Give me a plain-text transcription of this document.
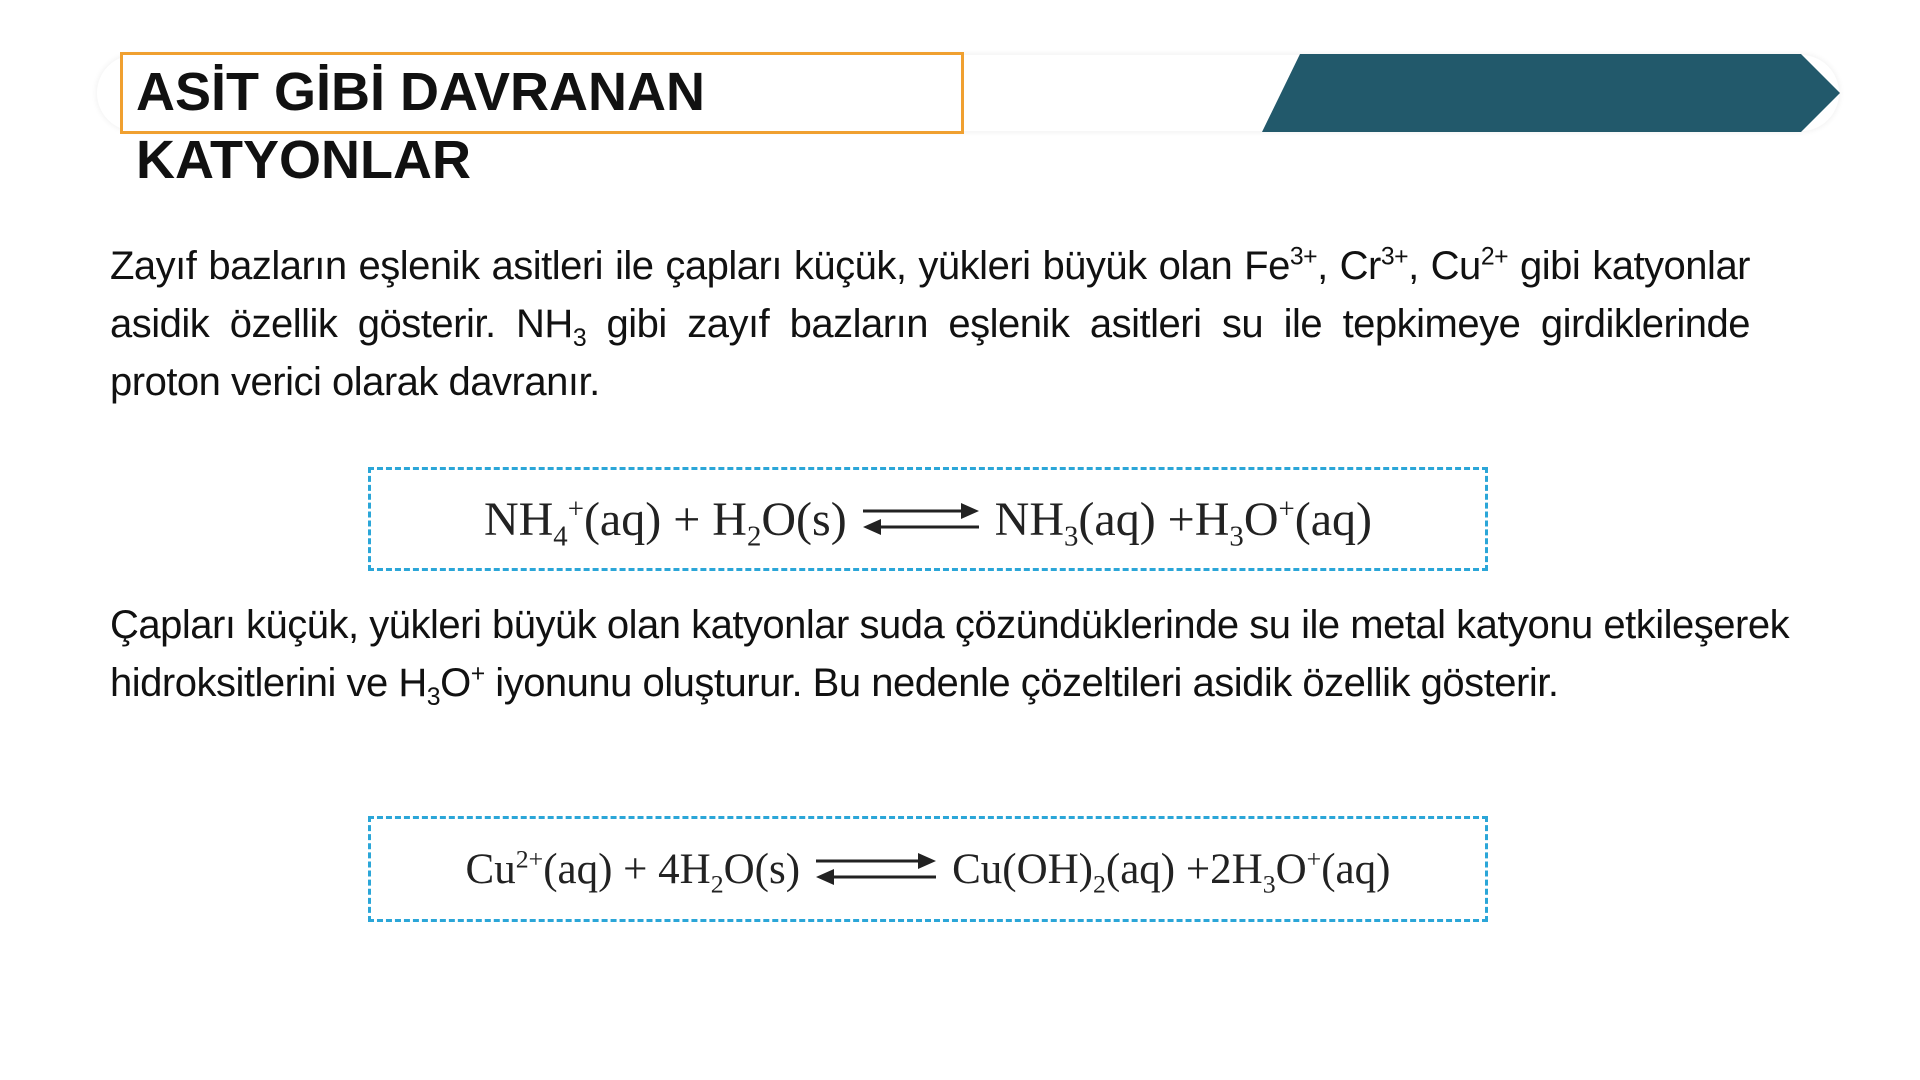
ASİT GİBİ DAVRANAN KATYONLAR

Zayıf bazların eşlenik asitleri ile çapları küçük, yükleri büyük olan $Fe^{3+}$, $Cr^{3+}$, $Cu^{2+}$ gibi katyonlar asidik özellik gösterir. $NH_3$ gibi zayıf bazların eşlenik asitleri su ile tepkimeye girdiklerinde proton verici olarak davranır.

$NH_4^+(aq) + H_2O(s)$ ⇌ $NH_3(aq) +H_3O^+(aq)$

Çapları küçük, yükleri büyük olan katyonlar suda çözündüklerinde su ile metal katyonu etkileşerek hidroksitlerini ve $H_3O^+$ iyonunu oluşturur. Bu nedenle çözeltileri asidik özellik gösterir.

$Cu^{2+}(aq) + 4H_2O(s)$ ⇌ $Cu(OH)_2(aq) +2H_3O^+(aq)$
